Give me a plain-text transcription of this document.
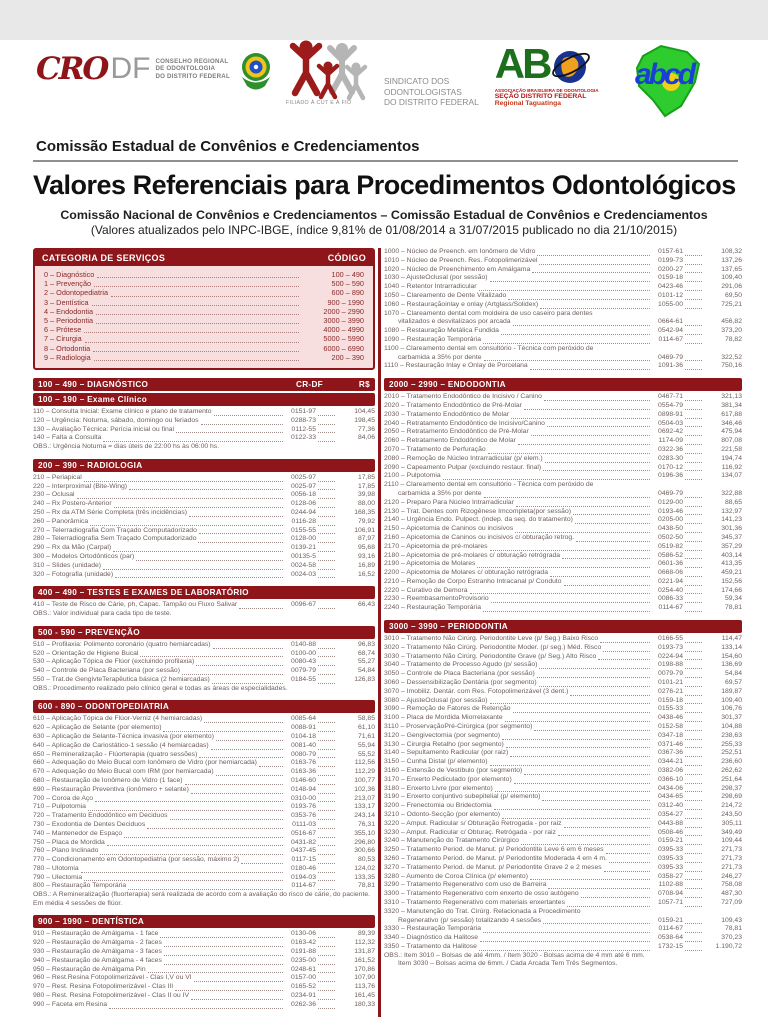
CRO DF CONSELHO REGIONAL
DE ODONTOLOGIA
DO DISTRITO FEDERAL
FILIADO À CUT E À FIO
SINDICATO DOS
ODONTOLOGISTAS
DO DISTRITO FEDERAL
AB
ASSOCIAÇÃO BRASILEIRA DE ODONTOLOGIA
SEÇÃO DISTRITO FEDERAL
Regional Taguatinga
abcd
Comissão Estadual de Convênios e Credenciamentos
Valores Referenciais para Procedimentos Odontológicos
Comissão Nacional de Convênios e Credenciamentos – Comissão Estadual de Convênios e Credenciamentos
(Valores atualizados pelo INPC-IBGE, índice 9,81% de 01/08/2014 a 31/07/2015 publicado no dia 21/10/2015)
CATEGORIA DE SERVIÇOS	CÓDIGO
0 – Diagnóstico	100 – 490
1 – Prevenção	500 – 590
2 – Odontopediatria	600 – 890
3 – Dentística	900 – 1990
4 – Endodontia	2000 – 2990
5 – Periodontia	3000 – 3990
6 – Prótese	4000 – 4990
7 – Cirurgia	5000 – 5990
8 – Ortodontia	6000 – 6990
9 – Radiologia	200 – 390
100 – 490 – DIAGNÓSTICO	CR-DF	R$
100 – 190 – Exame Clínico
110 – Consulta Inicial: Exame clínico e plano de tratamento	0151-97	104,45
120 – Urgência: Noturna, sábado, domingo ou feriados	0288-73	198,45
130 – Avaliação Técnica: Perícia inicial ou final	0112-55	77,36
140 – Falta a Consulta	0122-33	84,06
OBS.: Urgência Noturna = dias úteis de 22:00 hs às 06:00 hs.
200 – 390 – RADIOLOGIA
210 – Periapical	0025-97	17,85
220 – Interproximal (Bite-Wing)	0025-97	17,85
230 – Oclusal	0056-18	39,98
240 – Rx Postero-Anterior	0128-06	88,00
250 – Rx da ATM Série Completa (três incidências)	0244-94	168,35
260 – Panorâmica	0116-28	79,92
270 – Telerradiografia Com Traçado Computadorizado	0155-55	106,91
280 – Telerradiografia Sem Traçado Computadorizado	0128-00	87,97
290 – Rx da Mão (Carpal)	0139-21	95,68
300 – Modelos Ortodônticos (par)	00135-5	93,16
310 – Slides (unidade)	0024-58	16,89
320 – Fotografia (unidade)	0024-03	16,52
400 – 490 – TESTES E EXAMES DE LABORATÓRIO
410 – Teste de Risco de Cárie, ph, Capac. Tampão ou Fluxo Salivar	0096-67	66,43
OBS.: Valor individual para cada tipo de teste.
500 - 590 – PREVENÇÃO
510 – Profilaxia: Polimento coronário (quatro hemiarcadas)	0140-88	96,83
520 – Orientação de Higiene Bucal	0100-00	68,74
530 – Aplicação Tópica de Flúor (excluindo profilaxia)	0080-43	55,27
540 – Controle de Placa Bacteriana (por sessão)	0079-79	54,84
550 – Trat.de GengivteTerapêutica básica (2 hemiarcadas)	0184-55	126,83
OBS.: Procedimento realizado pelo clínico geral e todas as áreas de especialidades.
600 - 890 – ODONTOPEDIATRIA
610 – Aplicação Tópica de Flúor-Verniz (4 hemiarcadas)	0085-64	58,85
620 – Aplicação de Selante (por elemento)	0088-91	61,10
630 – Aplicação de Selante-Técnica invasiva (por elemento)	0104-18	71,61
640 – Aplicação de Cariostático-1 sessão (4 hemiarcadas)	0081-40	55,94
650 – Remineralização - Flúorterapia (quatro sessões)	0080-79	55,52
660 – Adequação do Meio Bucal com Ionômero de Vidro (por hemiarcada)	0163-76	112,56
670 – Adequação do Meio Bucal com IRM (por hemiarcada)	0163-36	112,29
680 – Restauração de Ionômero de Vidro (1 face)	0146-60	100,77
690 – Restauração Preventiva (ionômero + selante)	0148-94	102,36
700 – Coroa de Aço	0310-00	213,07
710 – Pulpotomia	0193-76	133,17
720 – Tratamento Endodôntico em Deciduos	0353-76	243,14
730 – Exodontia de Dentes Deciduos	0111-03	76,31
740 – Mantenedor de Espaço	0516-67	355,10
750 – Placa de Mordida	0431-82	296,80
760 – Plano Inclinado	0437-45	300,66
770 – Condicionamento em Odontopediatria (por sessão, máximo 2)	0117-15	80,53
780 – Ulotomia	0180-46	124,02
790 – Ulectomia	0194-03	133,35
800 – Restauração Temporária	0114-67	78,81
OBS.: A Remineralização (fluorterapia) será realizada de acordo com a avaliação do risco de cárie, do paciente. Em média 4 sessões de flúor.
900 – 1990 – DENTÍSTICA
910 – Restauração de Amálgama - 1 face	0130-06	89,39
920 – Restauração de Amálgama - 2 faces	0163-42	112,32
930 – Restauração de Amálgama - 3 faces	0191-88	131,87
940 – Restauração de Amálgama - 4 faces	0235-00	161,52
950 – Restauração de Amálgama Pin	0248-61	170,86
960 – Rest.Resina Fotopolimerizável - Clas I,V ou VI	0157-00	107,90
970 – Rest. Resina Fotopolimerizável - Clas III	0165-52	113,76
980 – Rest. Resina Fotopolimerizável - Clas II ou IV	0234-91	161,45
990 – Faceta em Resina	0262-36	180,33
1000 – Núcleo de Preench. em Ionômero de Vidro	0157-61	108,32
1010 – Núcleo de Preench. Res. Fotopolimerizável	0199-73	137,26
1020 – Núcleo de Preenchimento em Amálgama	0200-27	137,65
1030 – AjusteOclusal (por sessão)	0159-18	109,40
1040 – Retentor Intrarradicular	0423-46	291,06
1050 – Clareamento de Dente Vitalizado	0101-12	69,50
1060 – Restauraçãoinlay e onlay (Artglass/Solidex)	1055-00	725,21
1070 – Clareamento dental com moldeira de uso caseiro para dentes
vitalizados e desvitalizaos por arcada	0664-61	456,82
1080 – Restauração Metálica Fundida	0542-94	373,20
1090 – Restauração Temporária	0114-67	78,82
1100 – Clareamento dental em consultório - Técnica com peróxido de
carbamida a 35% por dente	0469-79	322,52
1110 – Restauração Inlay e Onlay de Porcelana	1091-36	750,16
2000 – 2990 – ENDODONTIA
2010 – Tratamento Endodôntico de Incisivo / Canino	0467-71	321,13
2020 – Tratamento Endodôntico de Pré-Molar	0554-79	381,34
2030 – Tratamento Endodôntico de Molar	0898-91	617,88
2040 – Retratamento Endodôntico de Incisivo/Canino	0504-03	346,46
2050 – Retratamento Endodôntico de Pré-Molar	0692-42	475,94
2060 – Retratamento Endodôntico de Molar	1174-09	807,08
2070 – Tratamento de Perfuração	0322-36	221,58
2080 – Remoção de Núcleo Intrarradicular (p/ elem.)	0283-30	194,74
2090 – Capeamento Pulpar (excluindo restaur. final)	0170-12	116,92
2100 – Pulpotomia	0196-36	134,07
2110 – Clareamento dental em consultório - Técnica com peróxido de
carbamida a 35% por dente	0469-79	322,88
2120 – Preparo Para Núcleo Intrarradicular	0129-00	88,65
2130 – Trat. Dentes com Rizogênese Imcompleta(por sessão)	0193-46	132,97
2140 – Urgência Endo. Pulpect. (indep. da seq. do tratamento)	0205-00	141,23
2150 – Apicetomia de Caninos ou incisivos	0438-50	301,36
2160 – Apicetomia de Caninos ou incisivos c/ obturação retrog.	0502-50	345,37
2170 – Apicetomia de pré-molares	0519-82	357,29
2180 – Apicetomia de pré-molares c/ obturação retrógrada	0586-52	403,14
2190 – Apicetomia de Molares	0601-36	413,35
2200 – Apicetomia de Molares c/ obturação retrógrada	0668-06	459,21
2210 – Remoção de Corpo Estranho Intracanal p/ Conduto	0221-94	152,56
2220 – Curativo de Demora	0254-40	174,66
2230 – ReembasamentoProvisorio	0086-33	59,34
2240 – Restauração Temporária	0114-67	78,81
3000 – 3990 – PERIODONTIA
3010 – Tratamento Não Cirúrg. Periodontite Leve (p/ Seg.) Baixo Risco	0166-55	114,47
3020 – Tratamento Não Cirúrg. Periodontite Moder. (p/ seg.) Méd. Risco	0193-73	133,14
3030 – Tratamento Não Cirúrg. Periodontite Grave (p/ Seg.) Alto Risco	0224-94	154,60
3040 – Tratamento de Processo Agudo (p/ sessão)	0198-88	136,69
3050 – Controle de Placa Bacteriana (por sessão)	0079-79	54,84
3060 – Dessensibilização Dentária (por segmento)	0101-21	69,57
3070 – Imobiliz. Dentár. com Res. Fotopolimerizável (3 dent.)	0276-21	189,87
3080 – AjusteOclusal (por sessão)	0159-18	109,40
3090 – Remoção de Fatores de Retenção	0155-33	106,76
3100 – Placa de Mordida Miorrelaxante	0438-46	301,37
3110 – ProservaçãoPré-Cirúrgica (por segmento)	0152-58	104,88
3120 – Gengivectomia (por segmento)	0347-18	238,63
3130 – Cirurgia Retalho (por segmento)	0371-46	255,33
3140 – Sepultamento Radicular (por raiz)	0367-36	252,51
3150 – Cunha Distal (p/ elemento)	0344-21	236,60
3160 – Extensão de Vestíbulo (por segmento)	0382-06	262,62
3170 – Enxerto Pediculado (por elemento)	0366-10	251,64
3180 – Enxerto Livre (por elemento)	0434-06	298,37
3190 – Enxerto conjuntivo subepitelial (p/ elemento)	0434-65	298,69
3200 – Frenectomia ou Bridectomia	0312-40	214,72
3210 – Odonto-Secção (por elemento)	0354-27	243,50
3220 – Amput. Radicular s/ Obturação Retrogada - por raiz	0443-88	305,11
3230 – Amput. Radicular c/ Obturaç. Retrógada - por raiz	0508-46	349,49
3240 – Manutenção do Tratamento Cirúrgico	0159-21	109,44
3250 – Tratamento Period. de Manut. p/ Periodontite Leve 6 em 6 meses	0395-33	271,73
3260 – Tratamento Period. de Manut. p/ Periodontite Moderada 4 em 4 m.	0395-33	271,73
3270 – Tratamento Period. de Manut. p/ Periodontite Grave 2 e 2 meses	0395-33	271,73
3280 – Aumento de Coroa Clínica (p/ elemento)	0358-27	246,27
3290 – Tratamento Regenerativo com uso de Barreira	1102-88	758,08
3300 – Tratamento Regenerativo com enxerto de osso autógeno	0708-94	487,30
3310 – Tratamento Regenerativo com materiais enxertantes	1057-71	727,09
3320 – Manutenção do Trat. Cirúrg. Relacionada a Procedimento
Regenerativo (p/ sessão) totalizando 4 sessões	0159-21	109,43
3330 – Restauração Temporária	0114-67	78,81
3340 – Diagnóstico da Halitose	0538-64	370,23
3350 – Tratamento da Halitose	1732-15	1.190,72
OBS.: Item 3010 – Bolsas de até 4mm. / Item 3020 - Bolsas acima de 4 mm até 6 mm.
Item 3030 – Bolsas acima de 6mm. / Cada Arcada Tem Três Segmentos.
